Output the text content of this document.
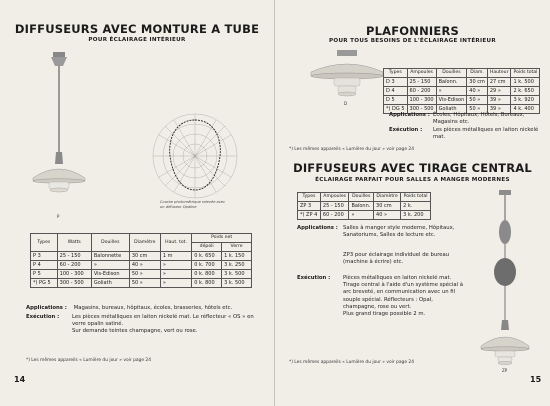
DIFFUSEURS AVEC MONTURE A TUBE
POUR ÉCLAIRAGE INTÉRIEUR
P
Courbe photométrique relevée avec
un diffuseur Opaline
Types	Watts	Douilles	Diamètre	Haut. tot.	Poids net	
					dépoli	Verre
P 3	25 - 150	Baïonnette	30 cm	1 m	0 k. 650	1 k. 150
P 4	60 - 200	»	40 »	»	0 k. 700	3 k. 250
P 5	100 - 300	Vis-Edison	50 »	»	0 k. 800	3 k. 500
*) PG 5	300 - 500	Goliath	50 »	»	0 k. 800	3 k. 500
Applications : Magasins, bureaux, hôpitaux, écoles, brasseries, hôtels etc.
Exécution :	Les pièces métalliques en laiton nickelé mat. Le réflecteur « OS » en verre opalin satiné.
Sur demande teintes champagne, vert ou rose.
*) Les mêmes appareils « Lumière du jour » voir page 24
14
PLAFONNIERS
POUR TOUS BESOINS DE L'ÉCLAIRAGE INTÉRIEUR
D
Types	Ampoules	Douilles	Diam.	Hauteur	Poids total
D 3	25 - 150	Baïonn.	30 cm	27 cm	1 k. 500
D 4	60 - 200	»	40 »	29 »	2 k. 650
D 5	100 - 300	Vis-Edison	50 »	39 »	3 k. 920
*) DG 5	300 - 500	Goliath	50 »	39 »	4 k. 400
Applications : Écoles, Hôpitaux, Hôtels, Bureaux, Magasins etc.
Exécution :	Les pièces métalliques en laiton nickelé mat.
*) Les mêmes appareils « Lumière du jour » voir page 24
DIFFUSEURS AVEC TIRAGE CENTRAL
ÉCLAIRAGE PARFAIT POUR SALLES A MANGER MODERNES
Types	Ampoules	Douilles	Diamètre	Poids total
ZP 3	25 - 150	Baïonn.	30 cm	2 k.
*) ZP 4	60 - 200	»	40 »	3 k. 200
ZP
Applications : Salles à manger style moderne, Hôpitaux, Sanatoriums, Salles de lecture etc.
ZP3 pour éclairage individuel de bureau (machine à écrire) etc.
Exécution :	Pièces métalliques en laiton nickelé mat. Tirage central à l'aide d'un système spécial à arc breveté, en communication avec un fil souple spécial. Réflecteurs : Opal, champagne, rose ou vert.
Plus grand tirage possible 2 m.
*) Les mêmes appareils « Lumière du jour » voir page 24
15
